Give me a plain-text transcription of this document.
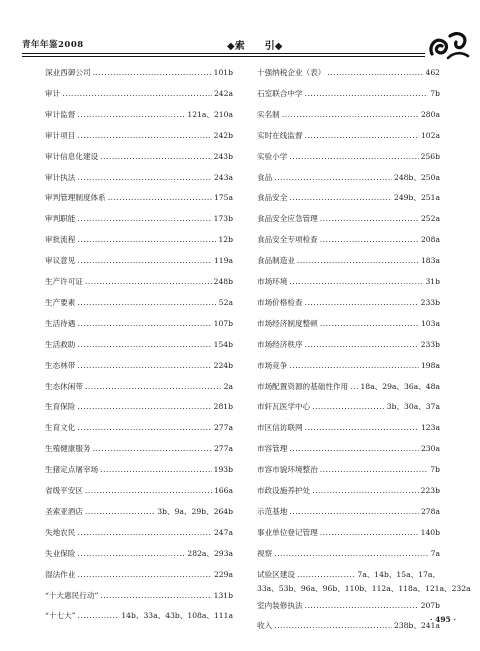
青年年鉴2008	◆索 引◆
深业西御公司 .....	101b
审计 .....	242a
审计监督 .....	121a、210a
审计项目 .....	242b
审计信息化建设 .....	243b
审计执法 .....	243a
审判管理制度体系 .....	175a
审判职能 .....	173b
审批流程 .....	12b
审议意见 .....	119a
生产许可证 .....	248b
生产要素 .....	52a
生活待遇 .....	107b
生活救助 .....	154b
生态林带 .....	224b
生态休闲带 .....	2a
生育保险 .....	281b
生育文化 .....	277a
生殖健康服务 .....	277a
生猪定点屠宰场 .....	193b
省级平安区 .....	166a
圣索亚酒店 .....	3b、9a、29b、264b
失地农民 .....	247a
失业保险 .....	282a、293a
湿法作业 .....	229a
“十大惠民行动” .....	131b
“十七大” .....	14b、33a、43b、108a、111a
十强纳税企业（表） .....	462
石室联合中学 .....	7b
实名制 .....	280a
实时在线监督 .....	102a
实验小学 .....	256b
食品 .....	248b、250a
食品安全 .....	249b、251a
食品安全应急管理 .....	252a
食品安全专项检查 .....	208a
食品制造业 .....	183a
市场环境 .....	31b
市场价格检查 .....	233b
市场经济制度整顿 .....	103a
市场经济秩序 .....	233b
市场竞争 .....	198a
市场配置资源的基础性作用 ..... 18a、29a、36a、48a
市轩瓦医学中心 .....	3b、30a、37a
市区信访联网 .....	123a
市容管理 .....	230a
市容市貌环境整治 .....	7b
市政设施养护处 .....	223b
示范基地 .....	278a
事业单位登记管理 .....	140b
视察 .....	7a
试验区建设 .....	7a、14b、15a、17a、
33a、53b、96a、96b、110b、112a、118a、121a、232a
室内装修执法 .....	207b
收入 .....	238b、241a
· 495 ·
